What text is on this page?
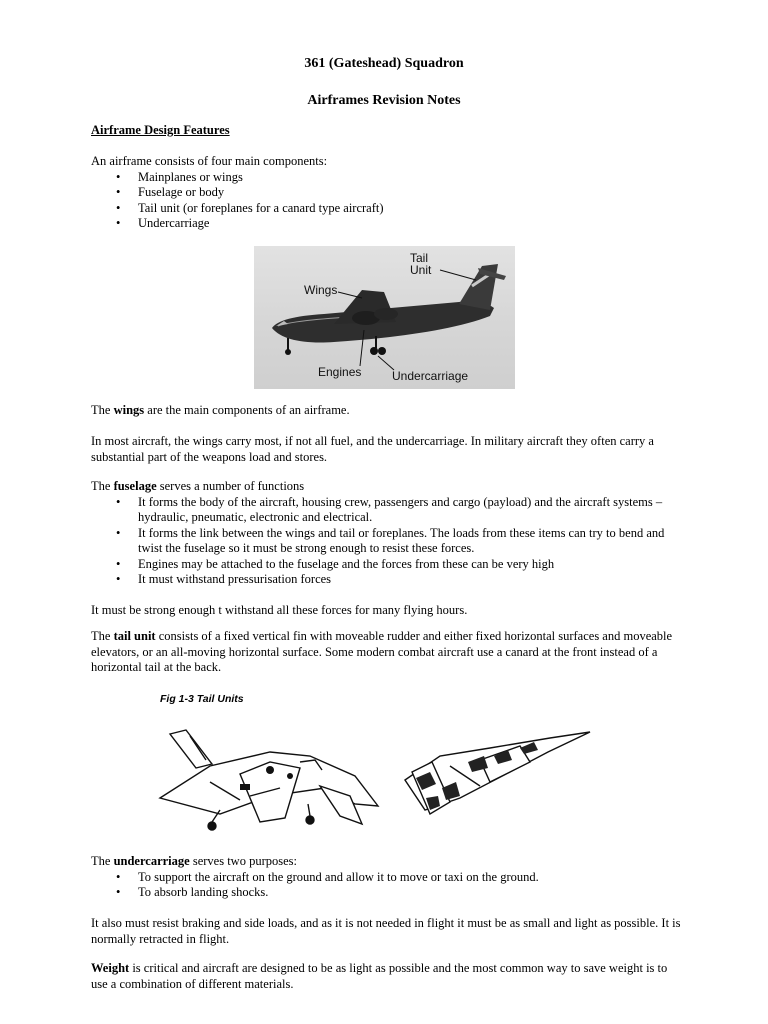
361 (Gateshead) Squadron
Airframes Revision Notes
Airframe Design Features

An airframe consists of four main components:

• Mainplanes or wings
• Fuselage or body
• Tail unit (or foreplanes for a canard type aircraft)
• Undercarriage
Tail
Unit
Wings
Engines	Undercarriage

The wings are the main components of an airframe.

In most aircraft, the wings carry most, if not all fuel, and the undercarriage. In military aircraft they often carry a substantial part of the weapons load and stores.

The fuselage serves a number of functions

• It forms the body of the aircraft, housing crew, passengers and cargo (payload) and the aircraft systems – hydraulic, pneumatic, electronic and electrical.
• It forms the link between the wings and tail or foreplanes. The loads from these items can try to bend and twist the fuselage so it must be strong enough to resist these forces.
• Engines may be attached to the fuselage and the forces from these can be very high
• It must withstand pressurisation forces

It must be strong enough t withstand all these forces for many flying hours.

The tail unit consists of a fixed vertical fin with moveable rudder and either fixed horizontal surfaces and moveable elevators, or an all-moving horizontal surface. Some modern combat aircraft use a canard at the front instead of a horizontal tail at the back.

Fig 1-3 Tail Units

The undercarriage serves two purposes:

• To support the aircraft on the ground and allow it to move or taxi on the ground.
• To absorb landing shocks.

It also must resist braking and side loads, and as it is not needed in flight it must be as small and light as possible. It is normally retracted in flight.

Weight is critical and aircraft are designed to be as light as possible and the most common way to save weight is to use a combination of different materials.
